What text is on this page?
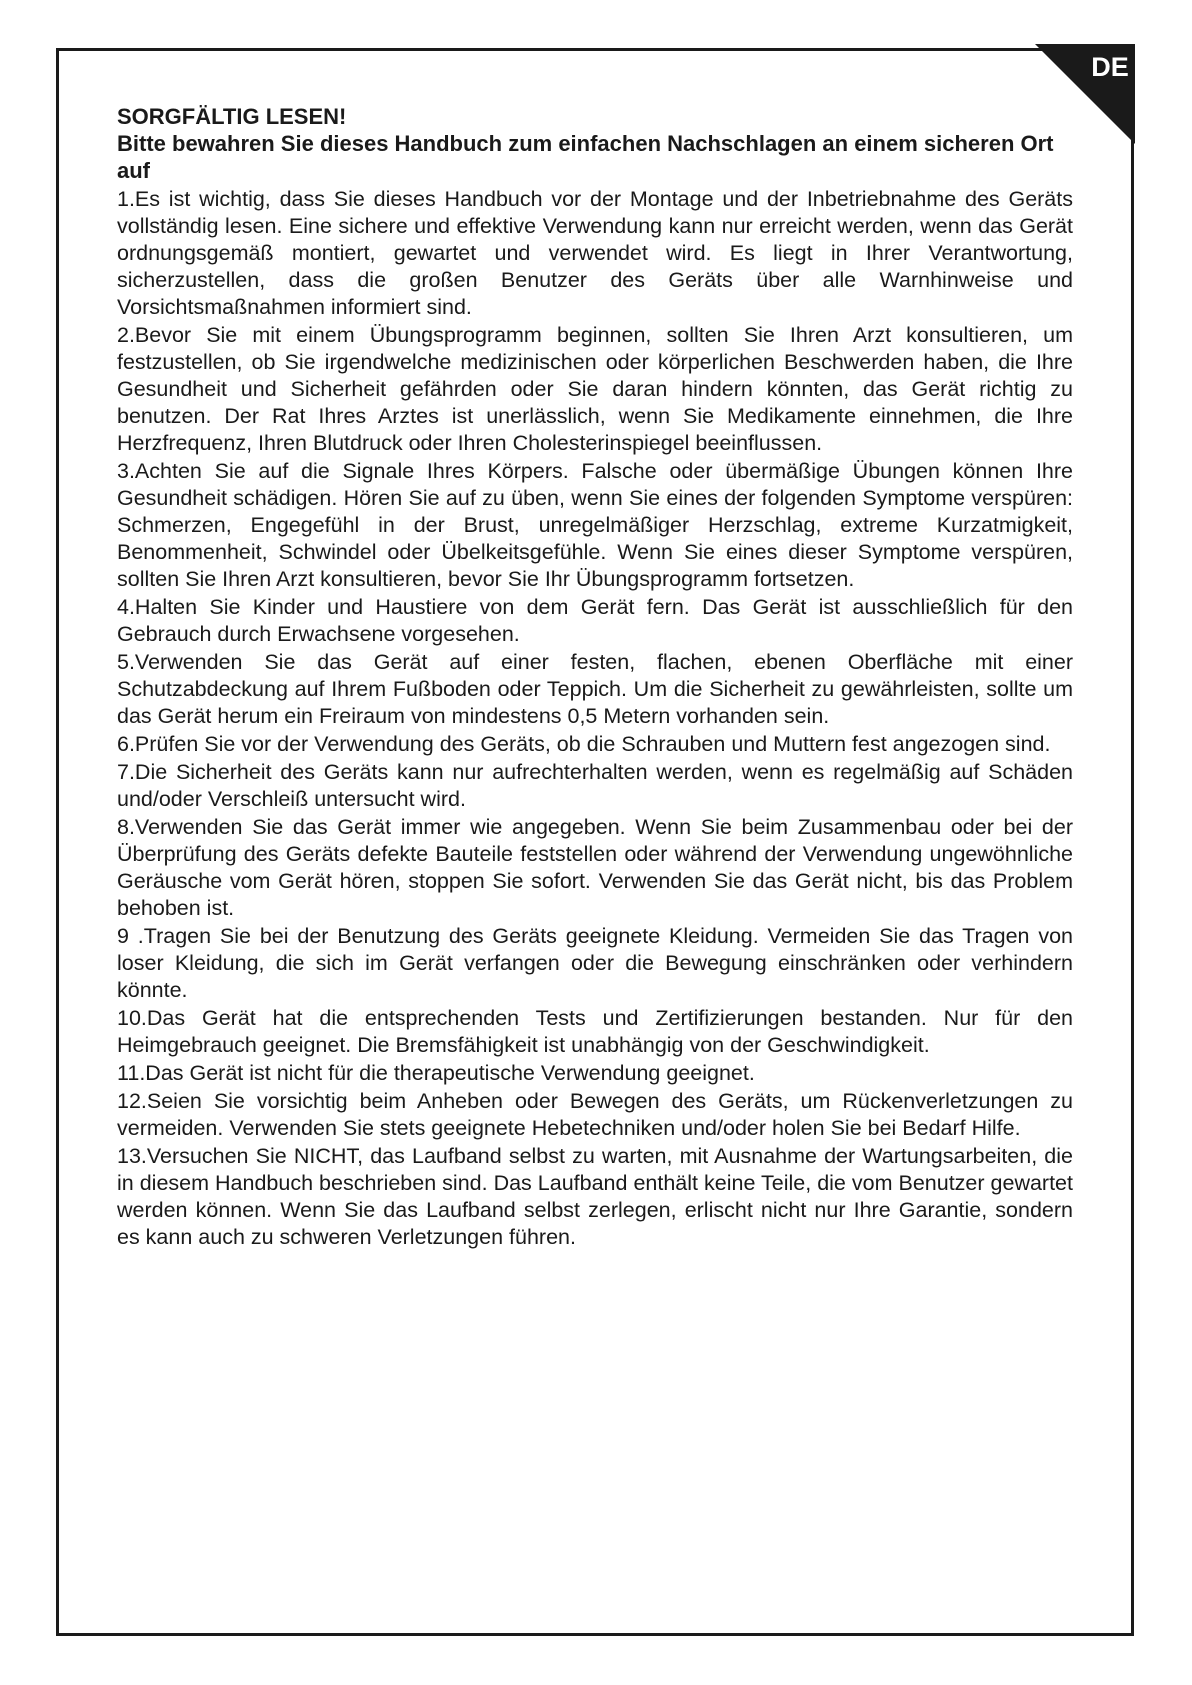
DE

SORGFÄLTIG LESEN!

Bitte bewahren Sie dieses Handbuch zum einfachen Nachschlagen an einem sicheren Ort auf

1.Es ist wichtig, dass Sie dieses Handbuch vor der Montage und der Inbetriebnahme des Geräts vollständig lesen. Eine sichere und effektive Verwendung kann nur erreicht werden, wenn das Gerät ordnungsgemäß montiert, gewartet und verwendet wird. Es liegt in Ihrer Verantwortung, sicherzustellen, dass die großen Benutzer des Geräts über alle Warnhinweise und Vorsichtsmaßnahmen informiert sind.

2.Bevor Sie mit einem Übungsprogramm beginnen, sollten Sie Ihren Arzt konsultieren, um festzustellen, ob Sie irgendwelche medizinischen oder körperlichen Beschwerden haben, die Ihre Gesundheit und Sicherheit gefährden oder Sie daran hindern könnten, das Gerät richtig zu benutzen. Der Rat Ihres Arztes ist unerlässlich, wenn Sie Medikamente einnehmen, die Ihre Herzfrequenz, Ihren Blutdruck oder Ihren Cholesterinspiegel beeinflussen.

3.Achten Sie auf die Signale Ihres Körpers. Falsche oder übermäßige Übungen können Ihre Gesundheit schädigen. Hören Sie auf zu üben, wenn Sie eines der folgenden Symptome verspüren: Schmerzen, Engegefühl in der Brust, unregelmäßiger Herzschlag, extreme Kurzatmigkeit, Benommenheit, Schwindel oder Übelkeitsgefühle. Wenn Sie eines dieser Symptome verspüren, sollten Sie Ihren Arzt konsultieren, bevor Sie Ihr Übungsprogramm fortsetzen.

4.Halten Sie Kinder und Haustiere von dem Gerät fern. Das Gerät ist ausschließlich für den Gebrauch durch Erwachsene vorgesehen.

5.Verwenden Sie das Gerät auf einer festen, flachen, ebenen Oberfläche mit einer Schutzabdeckung auf Ihrem Fußboden oder Teppich. Um die Sicherheit zu gewährleisten, sollte um das Gerät herum ein Freiraum von mindestens 0,5 Metern vorhanden sein.

6.Prüfen Sie vor der Verwendung des Geräts, ob die Schrauben und Muttern fest angezogen sind.

7.Die Sicherheit des Geräts kann nur aufrechterhalten werden, wenn es regelmäßig auf Schäden und/oder Verschleiß untersucht wird.

8.Verwenden Sie das Gerät immer wie angegeben. Wenn Sie beim Zusammenbau oder bei der Überprüfung des Geräts defekte Bauteile feststellen oder während der Verwendung ungewöhnliche Geräusche vom Gerät hören, stoppen Sie sofort. Verwenden Sie das Gerät nicht, bis das Problem behoben ist.

9 .Tragen Sie bei der Benutzung des Geräts geeignete Kleidung. Vermeiden Sie das Tragen von loser Kleidung, die sich im Gerät verfangen oder die Bewegung einschränken oder verhindern könnte.

10.Das Gerät hat die entsprechenden Tests und Zertifizierungen bestanden. Nur für den Heimgebrauch geeignet. Die Bremsfähigkeit ist unabhängig von der Geschwindigkeit.

11.Das Gerät ist nicht für die therapeutische Verwendung geeignet.

12.Seien Sie vorsichtig beim Anheben oder Bewegen des Geräts, um Rückenverletzungen zu vermeiden. Verwenden Sie stets geeignete Hebetechniken und/oder holen Sie bei Bedarf Hilfe.

13.Versuchen Sie NICHT, das Laufband selbst zu warten, mit Ausnahme der Wartungsarbeiten, die in diesem Handbuch beschrieben sind. Das Laufband enthält keine Teile, die vom Benutzer gewartet werden können. Wenn Sie das Laufband selbst zerlegen, erlischt nicht nur Ihre Garantie, sondern es kann auch zu schweren Verletzungen führen.
